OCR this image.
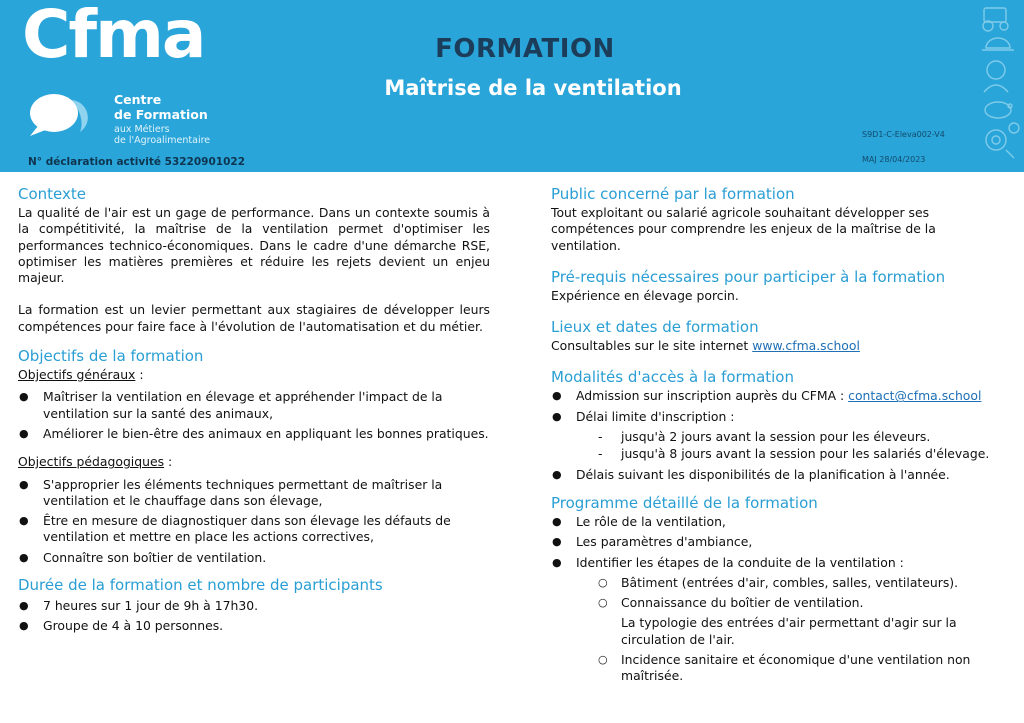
Cfma
Centre
de Formation
aux Métiers
de l'Agroalimentaire
N° déclaration activité 53220901022
FORMATION
Maîtrise de la ventilation
S9D1-C-Eleva002-V4
MAJ 28/04/2023
Contexte
La qualité de l'air est un gage de performance. Dans un contexte soumis à la compétitivité, la maîtrise de la ventilation permet d'optimiser les performances technico-économiques. Dans le cadre d'une démarche RSE, optimiser les matières premières et réduire les rejets devient un enjeu majeur.
La formation est un levier permettant aux stagiaires de développer leurs compétences pour faire face à l'évolution de l'automatisation et du métier.
Objectifs de la formation
Objectifs généraux :
● Maîtriser la ventilation en élevage et appréhender l'impact de la ventilation sur la santé des animaux,
● Améliorer le bien-être des animaux en appliquant les bonnes pratiques.
Objectifs pédagogiques :
● S'approprier les éléments techniques permettant de maîtriser la ventilation et le chauffage dans son élevage,
● Être en mesure de diagnostiquer dans son élevage les défauts de ventilation et mettre en place les actions correctives,
● Connaître son boîtier de ventilation.
Durée de la formation et nombre de participants
● 7 heures sur 1 jour de 9h à 17h30.
● Groupe de 4 à 10 personnes.
Public concerné par la formation
Tout exploitant ou salarié agricole souhaitant développer ses compétences pour comprendre les enjeux de la maîtrise de la ventilation.
Pré-requis nécessaires pour participer à la formation
Expérience en élevage porcin.
Lieux et dates de formation
Consultables sur le site internet www.cfma.school
Modalités d'accès à la formation
● Admission sur inscription auprès du CFMA : contact@cfma.school
● Délai limite d'inscription :
- jusqu'à 2 jours avant la session pour les éleveurs.
- jusqu'à 8 jours avant la session pour les salariés d'élevage.
● Délais suivant les disponibilités de la planification à l'année.
Programme détaillé de la formation
● Le rôle de la ventilation,
● Les paramètres d'ambiance,
● Identifier les étapes de la conduite de la ventilation :
○ Bâtiment (entrées d'air, combles, salles, ventilateurs).
○ Connaissance du boîtier de ventilation.
La typologie des entrées d'air permettant d'agir sur la circulation de l'air.
○ Incidence sanitaire et économique d'une ventilation non maîtrisée.
